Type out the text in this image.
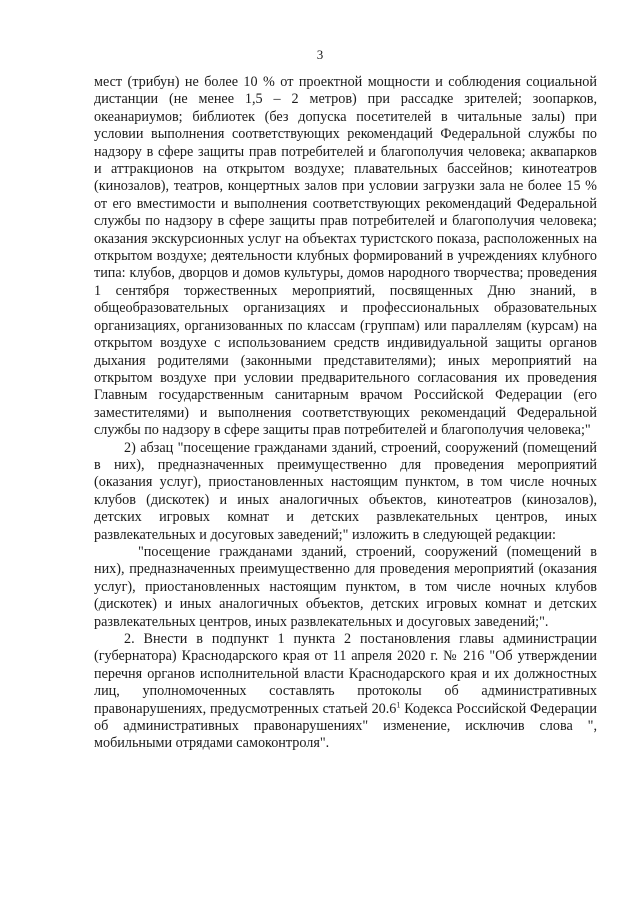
3

мест (трибун) не более 10 % от проектной мощности и соблюдения социальной дистанции (не менее 1,5 – 2 метров) при рассадке зрителей; зоопарков, океанариумов; библиотек (без допуска посетителей в читальные залы) при условии выполнения соответствующих рекомендаций Федеральной службы по надзору в сфере защиты прав потребителей и благополучия человека; аквапарков и аттракционов на открытом воздухе; плавательных бассейнов; кинотеатров (кинозалов), театров, концертных залов при условии загрузки зала не более 15 % от его вместимости и выполнения соответствующих рекомендаций Федеральной службы по надзору в сфере защиты прав потребителей и благополучия человека; оказания экскурсионных услуг на объектах туристского показа, расположенных на открытом воздухе; деятельности клубных формирований в учреждениях клубного типа: клубов, дворцов и домов культуры, домов народного творчества; проведения 1 сентября торжественных мероприятий, посвященных Дню знаний, в общеобразовательных организациях и профессиональных образовательных организациях, организованных по классам (группам) или параллелям (курсам) на открытом воздухе с использованием средств индивидуальной защиты органов дыхания родителями (законными представителями); иных мероприятий на открытом воздухе при условии предварительного согласования их проведения Главным государственным санитарным врачом Российской Федерации (его заместителями) и выполнения соответствующих рекомендаций Федеральной службы по надзору в сфере защиты прав потребителей и благополучия человека;"

2) абзац "посещение гражданами зданий, строений, сооружений (помещений в них), предназначенных преимущественно для проведения мероприятий (оказания услуг), приостановленных настоящим пунктом, в том числе ночных клубов (дискотек) и иных аналогичных объектов, кинотеатров (кинозалов), детских игровых комнат и детских развлекательных центров, иных развлекательных и досуговых заведений;" изложить в следующей редакции:

"посещение гражданами зданий, строений, сооружений (помещений в них), предназначенных преимущественно для проведения мероприятий (оказания услуг), приостановленных настоящим пунктом, в том числе ночных клубов (дискотек) и иных аналогичных объектов, детских игровых комнат и детских развлекательных центров, иных развлекательных и досуговых заведений;".

2. Внести в подпункт 1 пункта 2 постановления главы администрации (губернатора) Краснодарского края от 11 апреля 2020 г. № 216 "Об утверждении перечня органов исполнительной власти Краснодарского края и их должностных лиц, уполномоченных составлять протоколы об административных правонарушениях, предусмотренных статьей 20.6$^1$ Кодекса Российской Федерации об административных правонарушениях" изменение, исключив слова ", мобильными отрядами самоконтроля".
